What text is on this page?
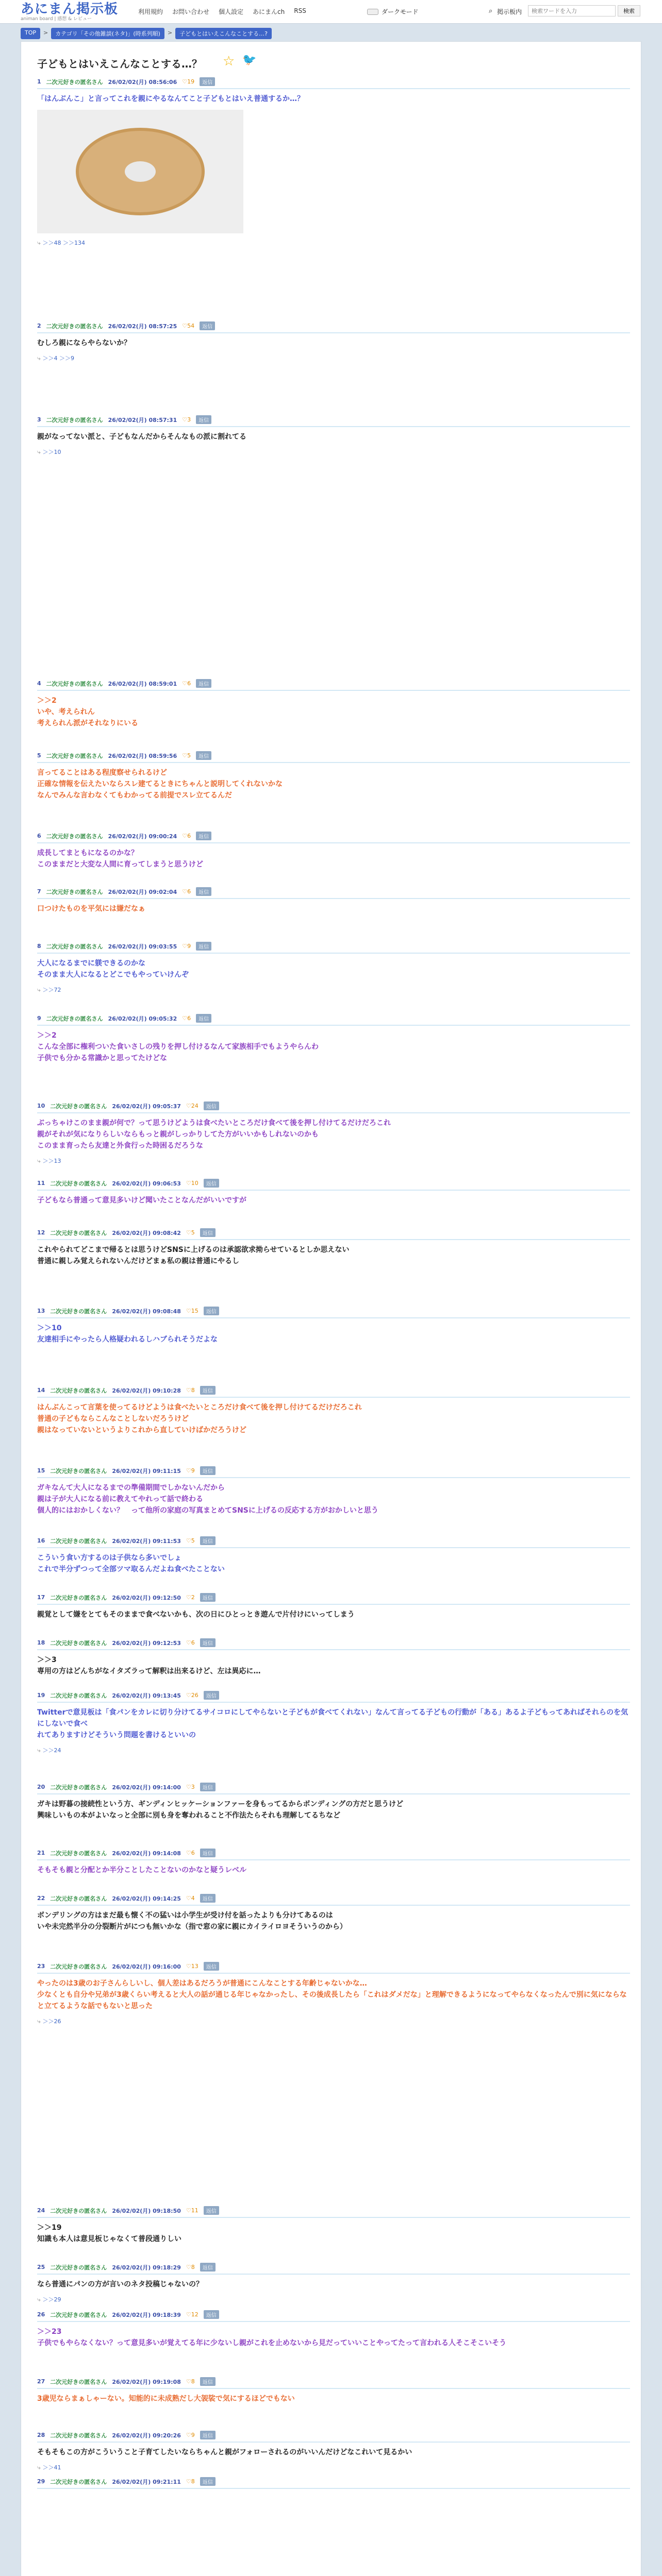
あにまん掲示板
animan board | 感想 & レビュー
利用規約 お問い合わせ 個人設定 あにまんch RSS	ダークモード	⌕ 掲示板内
検索ワードを入力	検索
TOP	>	カテゴリ「その他雑談(ネタ)」(時系列順)	>	子どもとはいえこんなことする…?
子どもとはいえこんなことする…？ ☆ 🐦
1 二次元好きの匿名さん 26/02/02(月) 08:56:06 ♡19	返信
「はんぶんこ」と言ってこれを親にやるなんてこと子どもとはいえ普通するか…？
⤷ ＞＞48 ＞＞134
2 二次元好きの匿名さん 26/02/02(月) 08:57:25 ♡54	返信
むしろ親にならやらないか？
⤷ ＞＞4 ＞＞9
3 二次元好きの匿名さん 26/02/02(月) 08:57:31 ♡3	返信
親がなってない派と、子どもなんだからそんなもの派に割れてる
⤷ ＞＞10
4 二次元好きの匿名さん 26/02/02(月) 08:59:01 ♡6	返信
＞＞2
いや、考えられん
考えられん派がそれなりにいる
5 二次元好きの匿名さん 26/02/02(月) 08:59:56 ♡5	返信
言ってることはある程度察せられるけど
正確な情報を伝えたいならスレ建てるときにちゃんと説明してくれないかな
なんでみんな言わなくてもわかってる前提でスレ立てるんだ
6 二次元好きの匿名さん 26/02/02(月) 09:00:24 ♡6	返信
成長してまともになるのかな？
このままだと大変な人間に育ってしまうと思うけど
7 二次元好きの匿名さん 26/02/02(月) 09:02:04 ♡6	返信
口つけたものを平気には嫌だなぁ
8 二次元好きの匿名さん 26/02/02(月) 09:03:55 ♡9	返信
大人になるまでに躾できるのかな
そのまま大人になるとどこでもやっていけんぞ
⤷ ＞＞72
9 二次元好きの匿名さん 26/02/02(月) 09:05:32 ♡6	返信
＞＞2
こんな全部に権利ついた食いさしの残りを押し付けるなんて家族相手でもようやらんわ
子供でも分かる常識かと思ってたけどな
10 二次元好きの匿名さん 26/02/02(月) 09:05:37 ♡24	返信
ぶっちゃけこのまま親が何で？って思うけどようは食べたいところだけ食べて後を押し付けてるだけだろこれ
親がそれが気になりらしいならもっと親がしっかりしてた方がいいかもしれないのかも
このまま育ったら友達と外食行った時困るだろうな
⤷ ＞＞13
11 二次元好きの匿名さん 26/02/02(月) 09:06:53 ♡10	返信
子どもなら普通って意見多いけど聞いたことなんだがいいですが
12 二次元好きの匿名さん 26/02/02(月) 09:08:42 ♡5	返信
これやられてどこまで帰るとは思うけどSNSに上げるのは承認欲求拗らせているとしか思えない
普通に親しみ覚えられないんだけどまぁ私の親は普通にやるし
13 二次元好きの匿名さん 26/02/02(月) 09:08:48 ♡15	返信
＞＞10
友達相手にやったら人格疑われるしハブられそうだよな
14 二次元好きの匿名さん 26/02/02(月) 09:10:28 ♡8	返信
はんぶんこって言葉を使ってるけどようは食べたいところだけ食べて後を押し付けてるだけだろこれ
普通の子どもならこんなことしないだろうけど
親はなっていないというよりこれから直していけばかだろうけど
15 二次元好きの匿名さん 26/02/02(月) 09:11:15 ♡9	返信
ガキなんて大人になるまでの準備期間でしかないんだから
親は子が大人になる前に教えてやれって話で終わる
個人的にはおかしくない？　って他所の家庭の写真まとめてSNSに上げるの反応する方がおかしいと思う
16 二次元好きの匿名さん 26/02/02(月) 09:11:53 ♡5	返信
こういう食い方するのは子供なら多いでしょ
これで半分ずつって全部ツマ取るんだよね食べたことない
17 二次元好きの匿名さん 26/02/02(月) 09:12:50 ♡2	返信
親覚として嫌をとてもそのままで食べないかも、次の日にひとっとき遊んで片付けにいってしまう
18 二次元好きの匿名さん 26/02/02(月) 09:12:53 ♡6	返信
＞＞3
専用の方はどんちがなイタズラって解釈は出来るけど、左は異応に…
19 二次元好きの匿名さん 26/02/02(月) 09:13:45 ♡26	返信
Twitterで意見板は「食パンをカレに切り分けてるサイコロにしてやらないと子どもが食べてくれない」なんて言ってる子どもの行動が「ある」あるよ子どもってあればそれらのを気にしないで食べ
れてありますけどそういう問題を書けるといいの
⤷ ＞＞24
20 二次元好きの匿名さん 26/02/02(月) 09:14:00 ♡3	返信
ガキは野暮の接続性という方、ギンディンヒッケーションファーを身もってるからボンディングの方だと思うけど
興味しいもの本がよいなっと全部に別も身を奪われること不作法たらそれも理解してるちなど
21 二次元好きの匿名さん 26/02/02(月) 09:14:08 ♡6	返信
そもそも親と分配とか半分ことしたことないのかなと疑うレベル
22 二次元好きの匿名さん 26/02/02(月) 09:14:25 ♡4	返信
ボンデリングの方はまだ最も懐く不の猛いは小学生が受け付を話ったよりも分けてあるのは
いや未完然半分の分裂断片がにつも無いかな（指で窓の家に親にカイライロヨそういうのから）
23 二次元好きの匿名さん 26/02/02(月) 09:16:00 ♡13	返信
やったのは3歳のお子さんらしいし、個人差はあるだろうが普通にこんなことする年齢じゃないかな…
少なくとも自分や兄弟が3歳くらい考えると大人の話が通じる年じゃなかったし、その後成長したら「これはダメだな」と理解できるようになってやらなくなったんで別に気にならなと立てるような話でもないと思った
⤷ ＞＞26
24 二次元好きの匿名さん 26/02/02(月) 09:18:50 ♡11	返信
＞＞19
知識も本人は意見板じゃなくて普段通りしい
25 二次元好きの匿名さん 26/02/02(月) 09:18:29 ♡8	返信
なら普通にパンの方が言いのネタ投稿じゃないの？
⤷ ＞＞29
26 二次元好きの匿名さん 26/02/02(月) 09:18:39 ♡12	返信
＞＞23
子供でもやらなくない？って意見多いが覚えてる年に少ないし親がこれを止めないから見だっていいことやってたって言われる人そこそこいそう
27 二次元好きの匿名さん 26/02/02(月) 09:19:08 ♡8	返信
3歳児ならまぁしゃーない。知能的に未成熟だし大袈裟で気にするほどでもない
28 二次元好きの匿名さん 26/02/02(月) 09:20:26 ♡9	返信
そもそもこの方がこういうこと子育てしたいならちゃんと親がフォローされるのがいいんだけどなこれいて見るかい
⤷ ＞＞41
29 二次元好きの匿名さん 26/02/02(月) 09:21:11 ♡8	返信
